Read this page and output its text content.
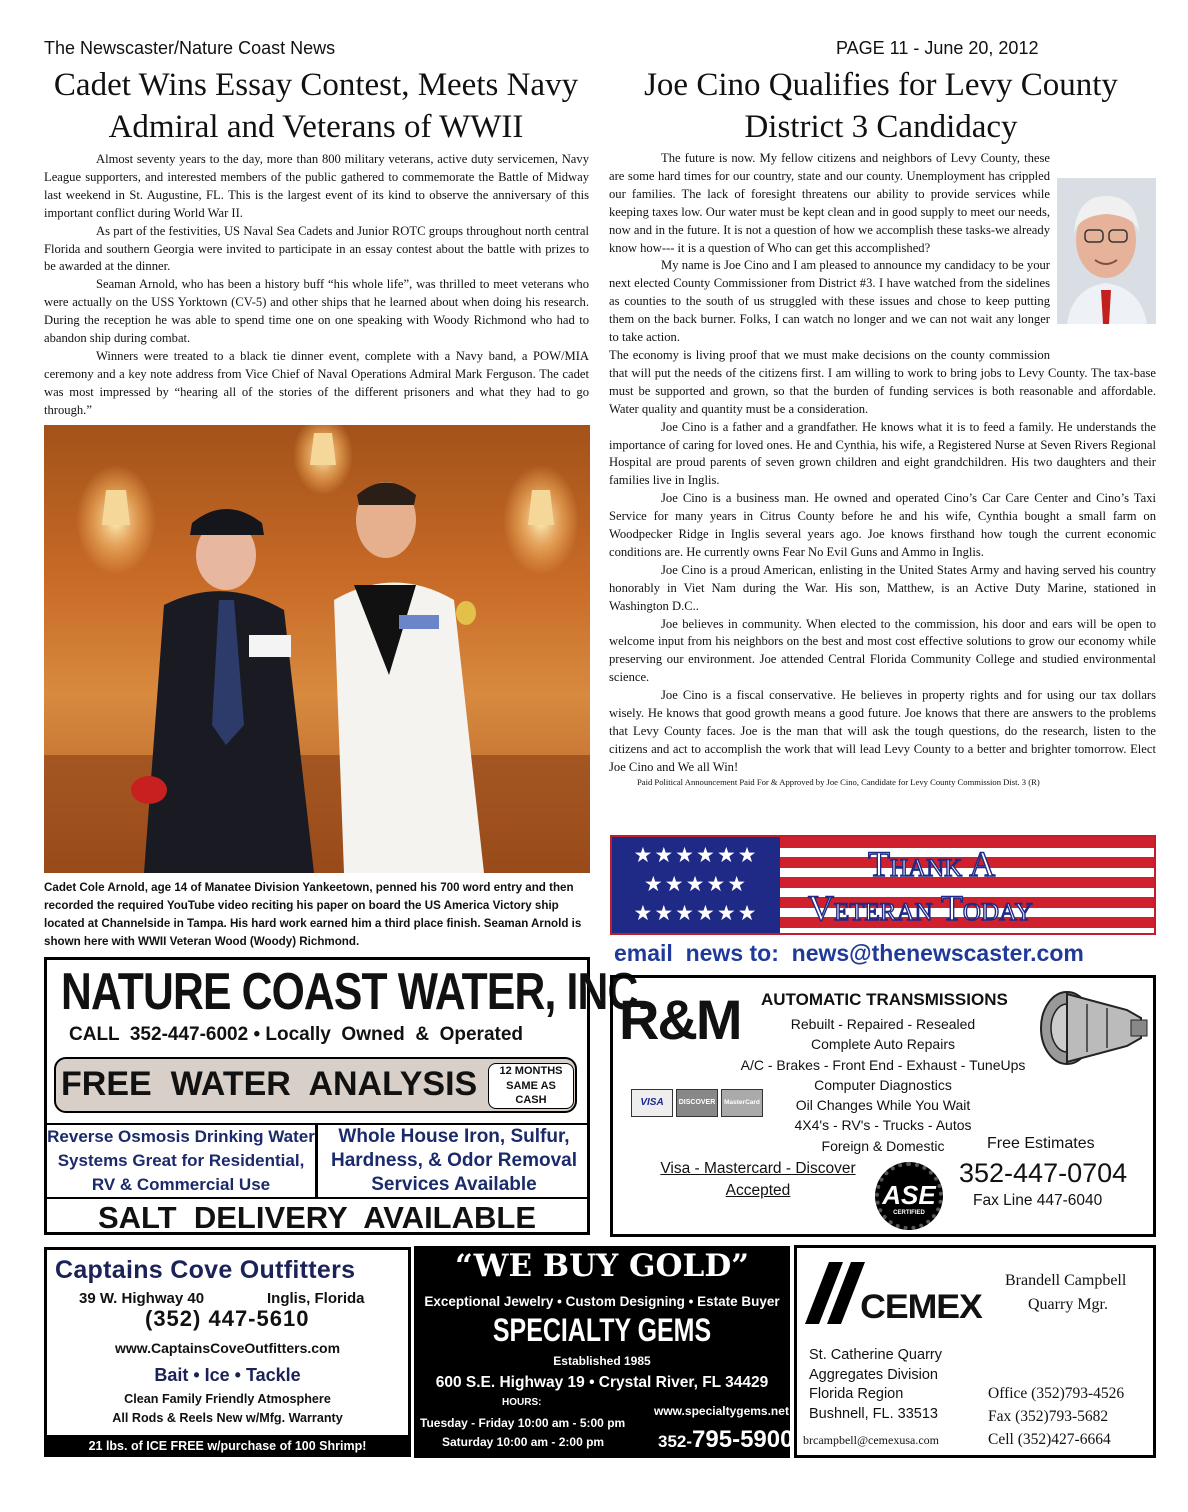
The Newscaster/Nature Coast News	PAGE 11 - June 20, 2012
Cadet Wins Essay Contest, Meets Navy Admiral and Veterans of WWII

Almost seventy years to the day, more than 800 military veterans, active duty servicemen, Navy League supporters, and interested members of the public gathered to commemorate the Battle of Midway last weekend in St. Augustine, FL. This is the largest event of its kind to observe the anniversary of this important conflict during World War II.

As part of the festivities, US Naval Sea Cadets and Junior ROTC groups throughout north central Florida and southern Georgia were invited to participate in an essay contest about the battle with prizes to be awarded at the dinner.

Seaman Arnold, who has been a history buff “his whole life”, was thrilled to meet veterans who were actually on the USS Yorktown (CV-5) and other ships that he learned about when doing his research. During the reception he was able to spend time one on one speaking with Woody Richmond who had to abandon ship during combat.

Winners were treated to a black tie dinner event, complete with a Navy band, a POW/MIA ceremony and a key note address from Vice Chief of Naval Operations Admiral Mark Ferguson. The cadet was most impressed by “hearing all of the stories of the different prisoners and what they had to go through.”

Cadet Cole Arnold, age 14 of Manatee Division Yankeetown, penned his 700 word entry and then recorded the required YouTube video reciting his paper on board the US America Victory ship located at Channelside in Tampa. His hard work earned him a third place finish. Seaman Arnold is shown here with WWII Veteran Wood (Woody) Richmond.
Joe Cino Qualifies for Levy County District 3 Candidacy

The future is now. My fellow citizens and neighbors of Levy County, these are some hard times for our country, state and our county. Unemployment has crippled our families. The lack of foresight threatens our ability to provide services while keeping taxes low. Our water must be kept clean and in good supply to meet our needs, now and in the future. It is not a question of how we accomplish these tasks-we already know how--- it is a question of Who can get this accomplished?

My name is Joe Cino and I am pleased to announce my candidacy to be your next elected County Commissioner from District #3. I have watched from the sidelines as counties to the south of us struggled with these issues and chose to keep putting them on the back burner. Folks, I can watch no longer and we can not wait any longer to take action.

The economy is living proof that we must make decisions on the county commission that will put the needs of the citizens first. I am willing to work to bring jobs to Levy County. The tax-base must be supported and grown, so that the burden of funding services is both reasonable and affordable. Water quality and quantity must be a consideration.

Joe Cino is a father and a grandfather. He knows what it is to feed a family. He understands the importance of caring for loved ones. He and Cynthia, his wife, a Registered Nurse at Seven Rivers Regional Hospital are proud parents of seven grown children and eight grandchildren. His two daughters and their families live in Inglis.

Joe Cino is a business man. He owned and operated Cino’s Car Care Center and Cino’s Taxi Service for many years in Citrus County before he and his wife, Cynthia bought a small farm on Woodpecker Ridge in Inglis several years ago. Joe knows firsthand how tough the current economic conditions are. He currently owns Fear No Evil Guns and Ammo in Inglis.

Joe Cino is a proud American, enlisting in the United States Army and having served his country honorably in Viet Nam during the War. His son, Matthew, is an Active Duty Marine, stationed in Washington D.C..

Joe believes in community. When elected to the commission, his door and ears will be open to welcome input from his neighbors on the best and most cost effective solutions to grow our economy while preserving our environment. Joe attended Central Florida Community College and studied environmental science.

Joe Cino is a fiscal conservative. He believes in property rights and for using our tax dollars wisely. He knows that good growth means a good future. Joe knows that there are answers to the problems that Levy County faces. Joe is the man that will ask the tough questions, do the research, listen to the citizens and act to accomplish the work that will lead Levy County to a better and brighter tomorrow. Elect Joe Cino and We all Win!

Paid Political Announcement Paid For & Approved by Joe Cino, Candidate for Levy County Commission Dist. 3 (R)
★★★★★★
★★★★★
★★★★★★
Thank A
Veteran Today
email  news to:  news@thenewscaster.com
NATURE COAST WATER, INC.
CALL  352-447-6002 • Locally  Owned  &  Operated
FREE  WATER  ANALYSIS	12 MONTHS
SAME AS
CASH
Reverse Osmosis Drinking Water
Systems Great for Residential,
RV & Commercial Use
Whole House Iron, Sulfur,
Hardness, & Odor Removal
Services Available
SALT  DELIVERY  AVAILABLE
R&M AUTOMATIC TRANSMISSIONS
Rebuilt - Repaired - Resealed
Complete Auto Repairs
A/C - Brakes - Front End - Exhaust - TuneUps
Computer Diagnostics
Oil Changes While You Wait
4X4's - RV's - Trucks - Autos
Foreign & Domestic	Free Estimates
VISA	DISCOVER	MasterCard
Visa - Mastercard - Discover
Accepted	ASE
CERTIFIED
352-447-0704
Fax Line 447-6040
Captains Cove Outfitters
39 W. Highway 40	Inglis, Florida
(352) 447-5610
www.CaptainsCoveOutfitters.com
Bait • Ice • Tackle
Clean Family Friendly Atmosphere
All Rods & Reels New w/Mfg. Warranty
21 lbs. of ICE FREE w/purchase of 100 Shrimp!
“WE BUY GOLD”
Exceptional Jewelry • Custom Designing • Estate Buyer
SPECIALTY GEMS
Established 1985
600 S.E. Highway 19 • Crystal River, FL 34429
HOURS:
www.specialtygems.net
Tuesday - Friday 10:00 am - 5:00 pm
Saturday 10:00 am - 2:00 pm	352-795-5900
CEMEX
Brandell Campbell
Quarry Mgr.
St. Catherine Quarry
Aggregates Division
Florida Region
Bushnell, FL. 33513
Office (352)793-4526
Fax (352)793-5682
brcampbell@cemexusa.com	Cell (352)427-6664
